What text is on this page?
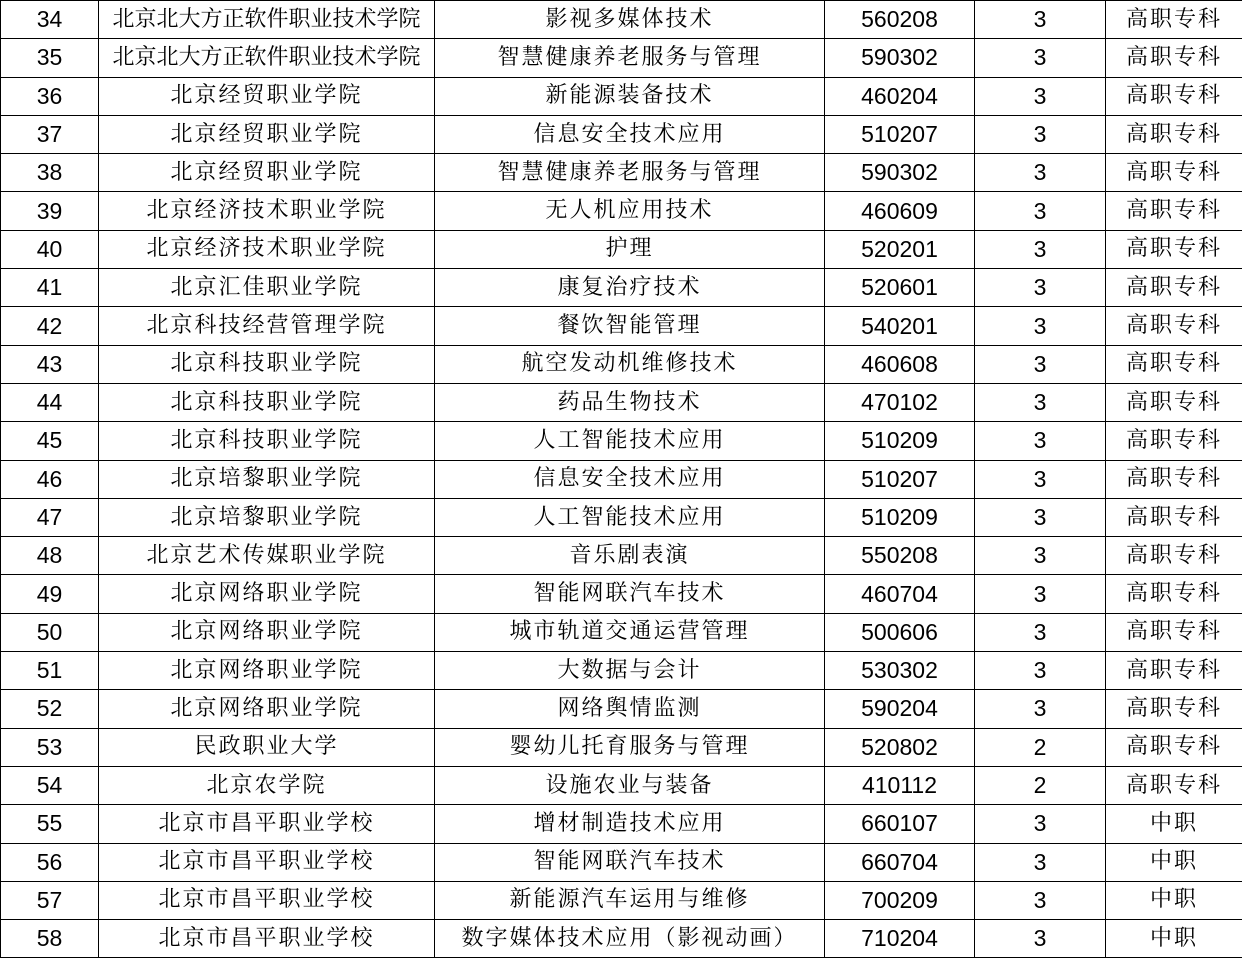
34	北京北大方正软件职业技术学院	影视多媒体技术	560208	3	高职专科
35	北京北大方正软件职业技术学院	智慧健康养老服务与管理	590302	3	高职专科
36	北京经贸职业学院	新能源装备技术	460204	3	高职专科
37	北京经贸职业学院	信息安全技术应用	510207	3	高职专科
38	北京经贸职业学院	智慧健康养老服务与管理	590302	3	高职专科
39	北京经济技术职业学院	无人机应用技术	460609	3	高职专科
40	北京经济技术职业学院	护理	520201	3	高职专科
41	北京汇佳职业学院	康复治疗技术	520601	3	高职专科
42	北京科技经营管理学院	餐饮智能管理	540201	3	高职专科
43	北京科技职业学院	航空发动机维修技术	460608	3	高职专科
44	北京科技职业学院	药品生物技术	470102	3	高职专科
45	北京科技职业学院	人工智能技术应用	510209	3	高职专科
46	北京培黎职业学院	信息安全技术应用	510207	3	高职专科
47	北京培黎职业学院	人工智能技术应用	510209	3	高职专科
48	北京艺术传媒职业学院	音乐剧表演	550208	3	高职专科
49	北京网络职业学院	智能网联汽车技术	460704	3	高职专科
50	北京网络职业学院	城市轨道交通运营管理	500606	3	高职专科
51	北京网络职业学院	大数据与会计	530302	3	高职专科
52	北京网络职业学院	网络舆情监测	590204	3	高职专科
53	民政职业大学	婴幼儿托育服务与管理	520802	2	高职专科
54	北京农学院	设施农业与装备	410112	2	高职专科
55	北京市昌平职业学校	增材制造技术应用	660107	3	中职
56	北京市昌平职业学校	智能网联汽车技术	660704	3	中职
57	北京市昌平职业学校	新能源汽车运用与维修	700209	3	中职
58	北京市昌平职业学校	数字媒体技术应用（影视动画）	710204	3	中职
